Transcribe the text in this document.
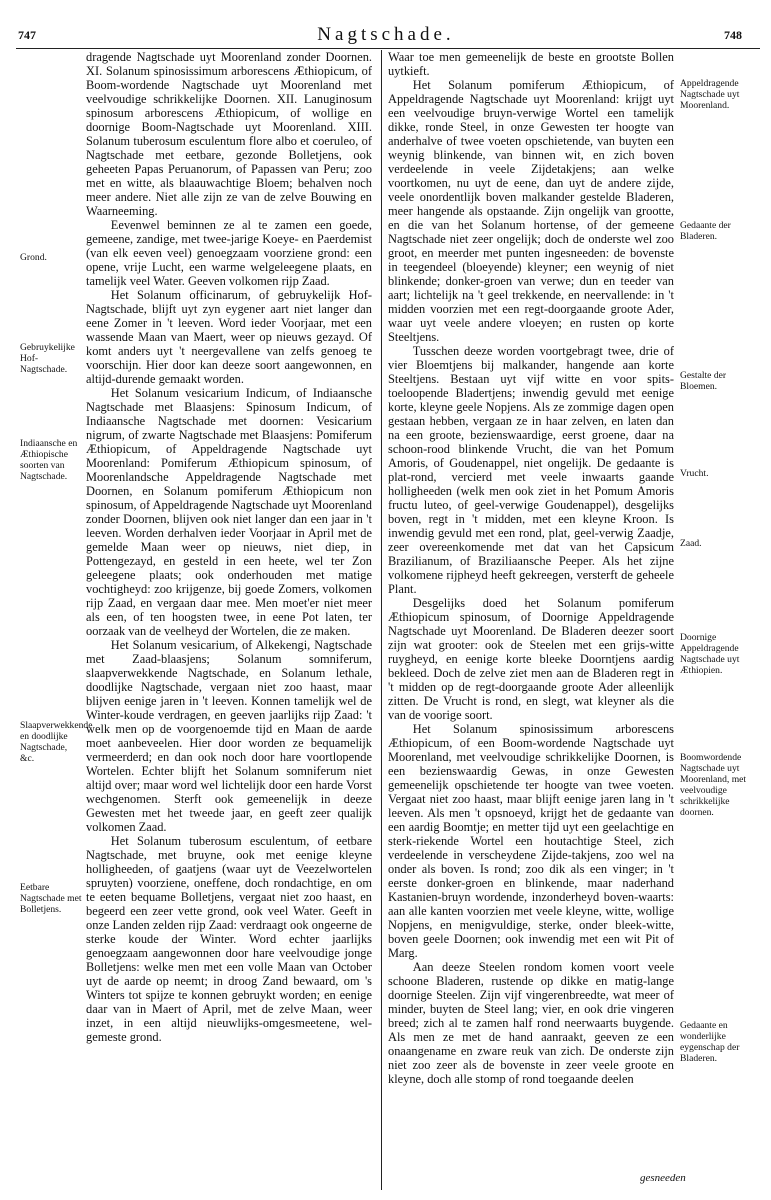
747	Nagtschade.	748

dragende Nagtschade uyt Moorenland zonder Doornen. XI. Solanum spinosissimum arborescens Æthiopicum, of Boom-wordende Nagtschade uyt Moorenland met veelvoudige schrikkelijke Doornen. XII. Lanuginosum spinosum arborescens Æthiopicum, of wollige en doornige Boom-Nagtschade uyt Moorenland. XIII. Solanum tuberosum esculentum flore albo et coeruleo, of Nagtschade met eetbare, gezonde Bolletjens, ook geheeten Papas Peruanorum, of Papassen van Peru; zoo met en witte, als blaauwachtige Bloem; behalven noch meer andere. Niet alle zijn ze van de zelve Bouwing en Waarneeming.

Eevenwel beminnen ze al te zamen een goede, gemeene, zandige, met twee-jarige Koeye- en Paerdemist (van elk eeven veel) genoegzaam voorziene grond: een opene, vrije Lucht, een warme welgeleegene plaats, en tamelijk veel Water. Geeven volkomen rijp Zaad.

Het Solanum officinarum, of gebruykelijk Hof-Nagtschade, blijft uyt zyn eygener aart niet langer dan eene Zomer in 't leeven. Word ieder Voorjaar, met een wassende Maan van Maert, weer op nieuws gezayd. Of komt anders uyt 't neergevallene van zelfs genoeg te voorschijn. Hier door kan deeze soort aangewonnen, en altijd-durende gemaakt worden.

Het Solanum vesicarium Indicum, of Indiaansche Nagtschade met Blaasjens: Spinosum Indicum, of Indiaansche Nagtschade met doornen: Vesicarium nigrum, of zwarte Nagtschade met Blaasjens: Pomiferum Æthiopicum, of Appeldragende Nagtschade uyt Moorenland: Pomiferum Æthiopicum spinosum, of Moorenlandsche Appeldragende Nagtschade met Doornen, en Solanum pomiferum Æthiopicum non spinosum, of Appeldragende Nagtschade uyt Moorenland zonder Doornen, blijven ook niet langer dan een jaar in 't leeven. Worden derhalven ieder Voorjaar in April met de gemelde Maan weer op nieuws, niet diep, in Pottengezayd, en gesteld in een heete, wel ter Zon geleegene plaats; ook onderhouden met matige vochtigheyd: zoo krijgenze, bij goede Zomers, volkomen rijp Zaad, en vergaan daar mee. Men moet'er niet meer als een, of ten hoogsten twee, in eene Pot laten, ter oorzaak van de veelheyd der Wortelen, die ze maken.

Het Solanum vesicarium, of Alkekengi, Nagtschade met Zaad-blaasjens; Solanum somniferum, slaapverwekkende Nagtschade, en Solanum lethale, doodlijke Nagtschade, vergaan niet zoo haast, maar blijven eenige jaren in 't leeven. Konnen tamelijk wel de Winter-koude verdragen, en geeven jaarlijks rijp Zaad: 't welk men op de voorgenoemde tijd en Maan de aarde moet aanbeveelen. Hier door worden ze bequamelijk vermeerderd; en dan ook noch door hare voortlopende Wortelen. Echter blijft het Solanum somniferum niet altijd over; maar word wel lichtelijk door een harde Vorst wechgenomen. Sterft ook gemeenelijk in deeze Gewesten met het tweede jaar, en geeft zeer qualijk volkomen Zaad.

Het Solanum tuberosum esculentum, of eetbare Nagtschade, met bruyne, ook met eenige kleyne holligheeden, of gaatjens (waar uyt de Veezelwortelen spruyten) voorziene, oneffene, doch rondachtige, en om te eeten bequame Bolletjens, vergaat niet zoo haast, en begeerd een zeer vette grond, ook veel Water. Geeft in onze Landen zelden rijp Zaad: verdraagt ook ongeerne de sterke koude der Winter. Word echter jaarlijks genoegzaam aangewonnen door hare veelvoudige jonge Bolletjens: welke men met een volle Maan van October uyt de aarde op neemt; in droog Zand bewaard, om 's Winters tot spijze te konnen gebruykt worden; en eenige daar van in Maert of April, met de zelve Maan, weer inzet, in een altijd nieuwlijks-omgesmeetene, wel-gemeste grond.

Waar toe men gemeenelijk de beste en grootste Bollen uytkieft.

Het Solanum pomiferum Æthiopicum, of Appeldragende Nagtschade uyt Moorenland: krijgt uyt een veelvoudige bruyn-verwige Wortel een tamelijk dikke, ronde Steel, in onze Gewesten ter hoogte van anderhalve of twee voeten opschietende, van buyten een weynig blinkende, van binnen wit, en zich boven verdeelende in veele Zijdetakjens; aan welke voortkomen, nu uyt de eene, dan uyt de andere zijde, veele onordentlijk boven malkander gestelde Bladeren, meer hangende als opstaande. Zijn ongelijk van grootte, en die van het Solanum hortense, of der gemeene Nagtschade niet zeer ongelijk; doch de onderste wel zoo groot, en meerder met punten ingesneeden: de bovenste in teegendeel (bloeyende) kleyner; een weynig of niet blinkende; donker-groen van verwe; dun en teeder van aart; lichtelijk na 't geel trekkende, en neervallende: in 't midden voorzien met een regt-doorgaande groote Ader, waar uyt veele andere vloeyen; en rusten op korte Steeltjens.

Tusschen deeze worden voortgebragt twee, drie of vier Bloemtjens bij malkander, hangende aan korte Steeltjens. Bestaan uyt vijf witte en voor spits-toeloopende Bladertjens; inwendig gevuld met eenige korte, kleyne geele Nopjens. Als ze zommige dagen open gestaan hebben, vergaan ze in haar zelven, en laten dan na een groote, bezienswaardige, eerst groene, daar na schoon-rood blinkende Vrucht, die van het Pomum Amoris, of Goudenappel, niet ongelijk. De gedaante is plat-rond, vercierd met veele inwaarts gaande holligheeden (welk men ook ziet in het Pomum Amoris fructu luteo, of geel-verwige Goudenappel), desgelijks boven, regt in 't midden, met een kleyne Kroon. Is inwendig gevuld met een rond, plat, geel-verwig Zaadje, zeer overeenkomende met dat van het Capsicum Brazilianum, of Braziliaansche Peeper. Als het zijne volkomene rijpheyd heeft gekreegen, versterft de geheele Plant.

Desgelijks doed het Solanum pomiferum Æthiopicum spinosum, of Doornige Appeldragende Nagtschade uyt Moorenland. De Bladeren deezer soort zijn wat grooter: ook de Steelen met een grijs-witte ruygheyd, en eenige korte bleeke Doorntjens aardig bekleed. Doch de zelve ziet men aan de Bladeren regt in 't midden op de regt-doorgaande groote Ader alleenlijk zitten. De Vrucht is rond, en slegt, wat kleyner als die van de voorige soort.

Het Solanum spinosissimum arborescens Æthiopicum, of een Boom-wordende Nagtschade uyt Moorenland, met veelvoudige schrikkelijke Doornen, is een bezienswaardig Gewas, in onze Gewesten gemeenelijk opschietende ter hoogte van twee voeten. Vergaat niet zoo haast, maar blijft eenige jaren lang in 't leeven. Als men 't opsnoeyd, krijgt het de gedaante van een aardig Boomtje; en metter tijd uyt een geelachtige en sterk-riekende Wortel een houtachtige Steel, zich verdeelende in verscheydene Zijde-takjens, zoo wel na onder als boven. Is rond; zoo dik als een vinger; in 't eerste donker-groen en blinkende, maar naderhand Kastanien-bruyn wordende, inzonderheyd boven-waarts: aan alle kanten voorzien met veele kleyne, witte, wollige Nopjens, en menigvuldige, sterke, onder bleek-witte, boven geele Doornen; ook inwendig met een wit Pit of Marg.

Aan deeze Steelen rondom komen voort veele schoone Bladeren, rustende op dikke en matig-lange doornige Steelen. Zijn vijf vingerenbreedte, wat meer of minder, buyten de Steel lang; vier, en ook drie vingeren breed; zich al te zamen half rond neerwaarts buygende. Als men ze met de hand aanraakt, geeven ze een onaangename en zware reuk van zich. De onderste zijn niet zoo zeer als de bovenste in zeer veele groote en kleyne, doch alle stomp of rond toegaande deelen

Grond.
Gebruykelijke Hof-Nagtschade.
Indiaansche en Æthiopische soorten van Nagtschade.
Slaapverwekkende en doodlijke Nagtschade, &c.
Eetbare Nagtschade met Bolletjens.
Appeldragende Nagtschade uyt Moorenland.
Gedaante der Bladeren.
Gestalte der Bloemen.
Vrucht.
Zaad.
Doornige Appeldragende Nagtschade uyt Æthiopien.
Boomwordende Nagtschade uyt Moorenland, met veelvoudige schrikkelijke doornen.
Gedaante en wonderlijke eygenschap der Bladeren.
gesneeden
